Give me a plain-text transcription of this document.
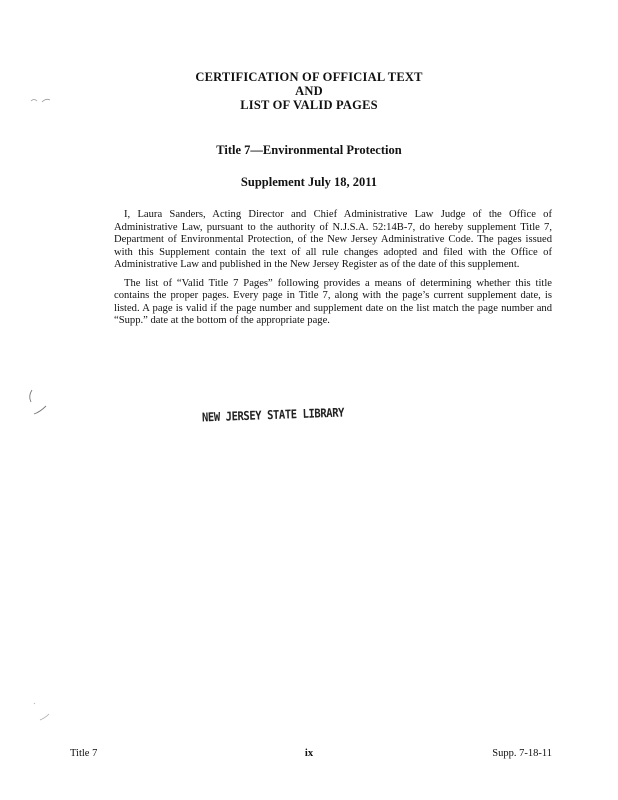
CERTIFICATION OF OFFICIAL TEXT
AND
LIST OF VALID PAGES
Title 7—Environmental Protection
Supplement July 18, 2011

I, Laura Sanders, Acting Director and Chief Administrative Law Judge of the Office of Administrative Law, pursuant to the authority of N.J.S.A. 52:14B-7, do hereby supplement Title 7, Department of Environmental Protection, of the New Jersey Administrative Code. The pages issued with this Supplement contain the text of all rule changes adopted and filed with the Office of Administrative Law and published in the New Jersey Register as of the date of this supplement.

The list of “Valid Title 7 Pages” following provides a means of determining whether this title contains the proper pages. Every page in Title 7, along with the page’s current supplement date, is listed. A page is valid if the page number and supplement date on the list match the page number and “Supp.” date at the bottom of the appropriate page.

NEW JERSEY STATE LIBRARY
Title 7	ix	Supp. 7-18-11
